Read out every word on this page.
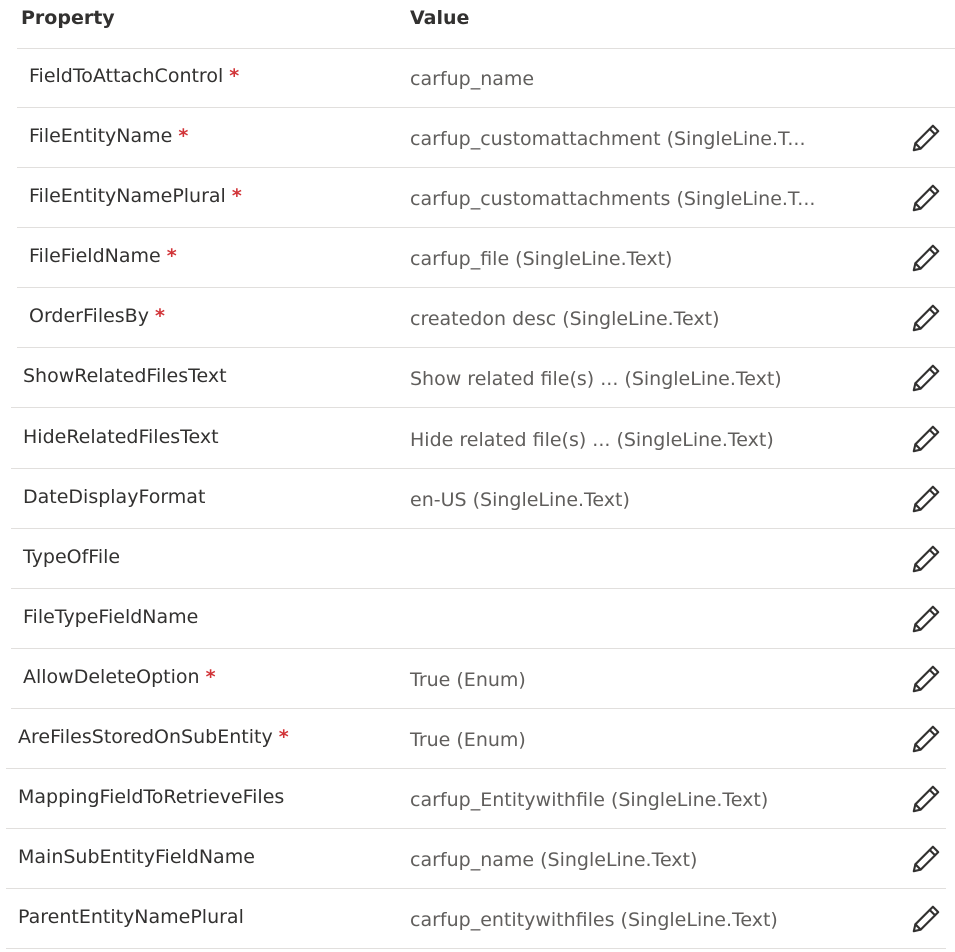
Property	Value
FieldToAttachControl *	carfup_name
FileEntityName *	carfup_customattachment (SingleLine.T...
FileEntityNamePlural *	carfup_customattachments (SingleLine.T...
FileFieldName *	carfup_file (SingleLine.Text)
OrderFilesBy *	createdon desc (SingleLine.Text)
ShowRelatedFilesText	Show related file(s) ... (SingleLine.Text)
HideRelatedFilesText	Hide related file(s) ... (SingleLine.Text)
DateDisplayFormat	en-US (SingleLine.Text)
TypeOfFile
FileTypeFieldName
AllowDeleteOption *	True (Enum)
AreFilesStoredOnSubEntity *	True (Enum)
MappingFieldToRetrieveFiles	carfup_Entitywithfile (SingleLine.Text)
MainSubEntityFieldName	carfup_name (SingleLine.Text)
ParentEntityNamePlural	carfup_entitywithfiles (SingleLine.Text)
